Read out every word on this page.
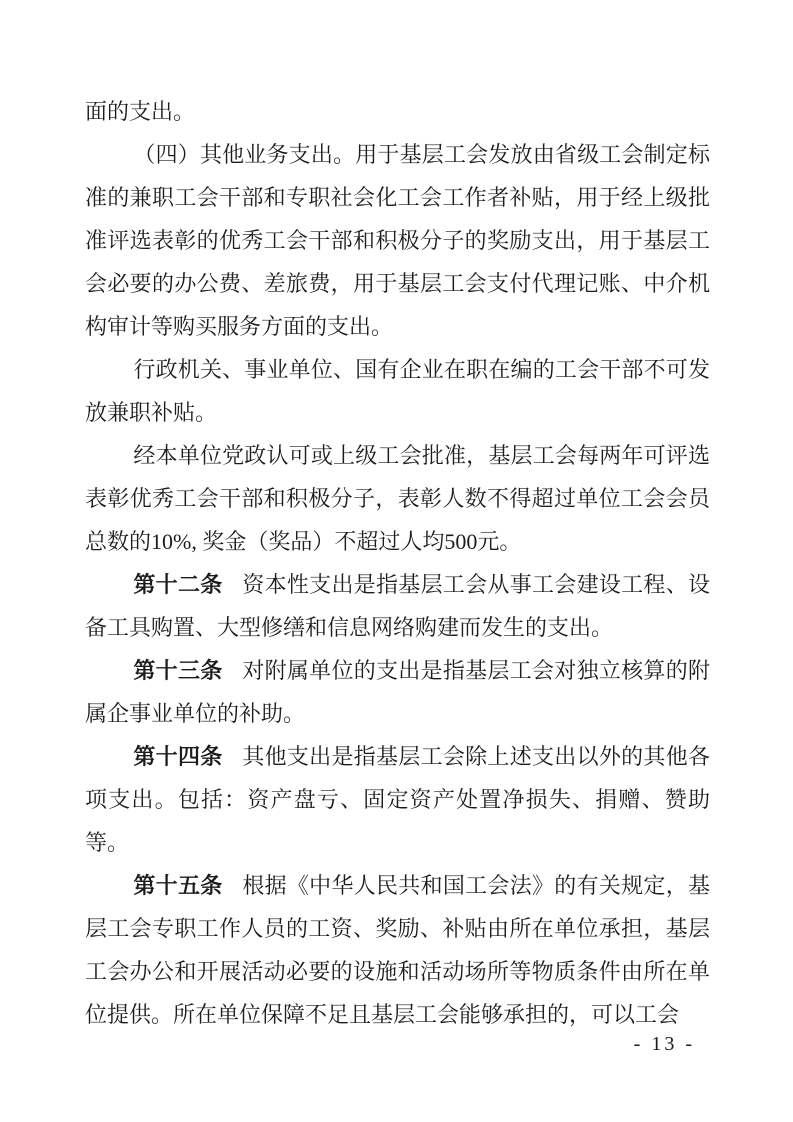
面的支出。

（四）其他业务支出。用于基层工会发放由省级工会制定标准的兼职工会干部和专职社会化工会工作者补贴，用于经上级批准评选表彰的优秀工会干部和积极分子的奖励支出，用于基层工会必要的办公费、差旅费，用于基层工会支付代理记账、中介机构审计等购买服务方面的支出。

行政机关、事业单位、国有企业在职在编的工会干部不可发放兼职补贴。

经本单位党政认可或上级工会批准，基层工会每两年可评选表彰优秀工会干部和积极分子，表彰人数不得超过单位工会会员总数的10%, 奖金（奖品）不超过人均500元。

第十二条 资本性支出是指基层工会从事工会建设工程、设备工具购置、大型修缮和信息网络购建而发生的支出。

第十三条 对附属单位的支出是指基层工会对独立核算的附属企事业单位的补助。

第十四条 其他支出是指基层工会除上述支出以外的其他各项支出。包括：资产盘亏、固定资产处置净损失、捐赠、赞助等。

第十五条 根据《中华人民共和国工会法》的有关规定，基层工会专职工作人员的工资、奖励、补贴由所在单位承担，基层工会办公和开展活动必要的设施和活动场所等物质条件由所在单位提供。所在单位保障不足且基层工会能够承担的，可以工会

- 13 -
